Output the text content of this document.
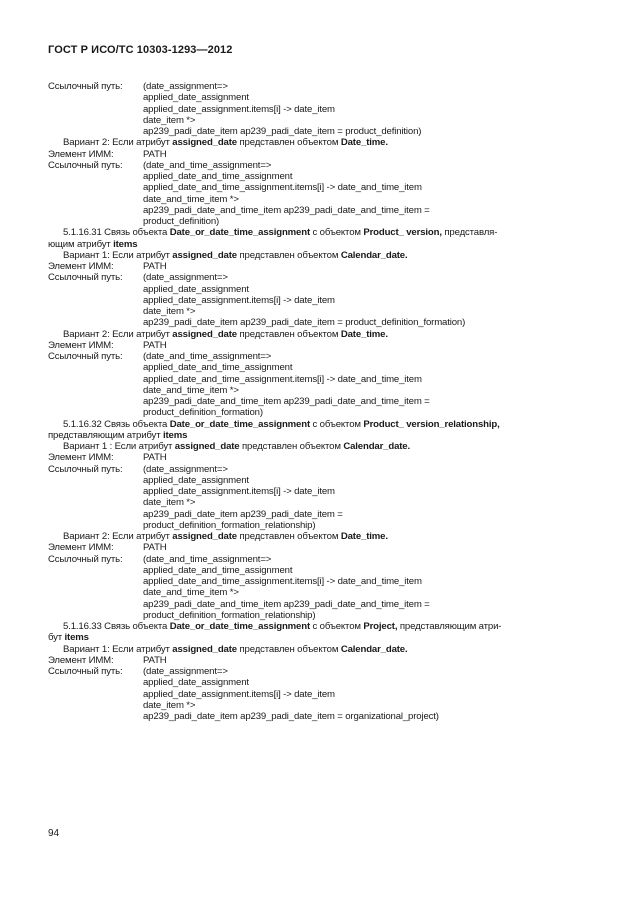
ГОСТ Р ИСО/ТС 10303-1293—2012
Ссылочный путь:	(date_assignment=>
applied_date_assignment
applied_date_assignment.items[i] -> date_item
date_item *>
ap239_padi_date_item ap239_padi_date_item = product_definition)
Вариант 2: Если атрибут assigned_date представлен объектом Date_time.
Элемент ИММ:	PATH
Ссылочный путь:	(date_and_time_assignment=>
applied_date_and_time_assignment
applied_date_and_time_assignment.items[i] -> date_and_time_item
date_and_time_item *>
ap239_padi_date_and_time_item ap239_padi_date_and_time_item =
product_definition)
5.1.16.31 Связь объекта Date_or_date_time_assignment с объектом Product_ version, представля-
ющим атрибут items
Вариант 1: Если атрибут assigned_date представлен объектом Calendar_date.
Элемент ИММ:	PATH
Ссылочный путь:	(date_assignment=>
applied_date_assignment
applied_date_assignment.items[i] -> date_item
date_item *>
ap239_padi_date_item ap239_padi_date_item = product_definition_formation)
Вариант 2: Если атрибут assigned_date представлен объектом Date_time.
Элемент ИММ:	PATH
Ссылочный путь:	(date_and_time_assignment=>
applied_date_and_time_assignment
applied_date_and_time_assignment.items[i] -> date_and_time_item
date_and_time_item *>
ap239_padi_date_and_time_item ap239_padi_date_and_time_item =
product_definition_formation)
5.1.16.32 Связь объекта Date_or_date_time_assignment с объектом Product_ version_relationship,
представляющим атрибут items
Вариант 1 : Если атрибут assigned_date представлен объектом Calendar_date.
Элемент ИММ:	PATH
Ссылочный путь:	(date_assignment=>
applied_date_assignment
applied_date_assignment.items[i] -> date_item
date_item *>
ap239_padi_date_item ap239_padi_date_item =
product_definition_formation_relationship)
Вариант 2: Если атрибут assigned_date представлен объектом Date_time.
Элемент ИММ:	PATH
Ссылочный путь:	(date_and_time_assignment=>
applied_date_and_time_assignment
applied_date_and_time_assignment.items[i] -> date_and_time_item
date_and_time_item *>
ap239_padi_date_and_time_item ap239_padi_date_and_time_item =
product_definition_formation_relationship)
5.1.16.33 Связь объекта Date_or_date_time_assignment с объектом Project, представляющим атри-
бут items
Вариант 1: Если атрибут assigned_date представлен объектом Calendar_date.
Элемент ИММ:	PATH
Ссылочный путь:	(date_assignment=>
applied_date_assignment
applied_date_assignment.items[i] -> date_item
date_item *>
ap239_padi_date_item ap239_padi_date_item = organizational_project)
94
